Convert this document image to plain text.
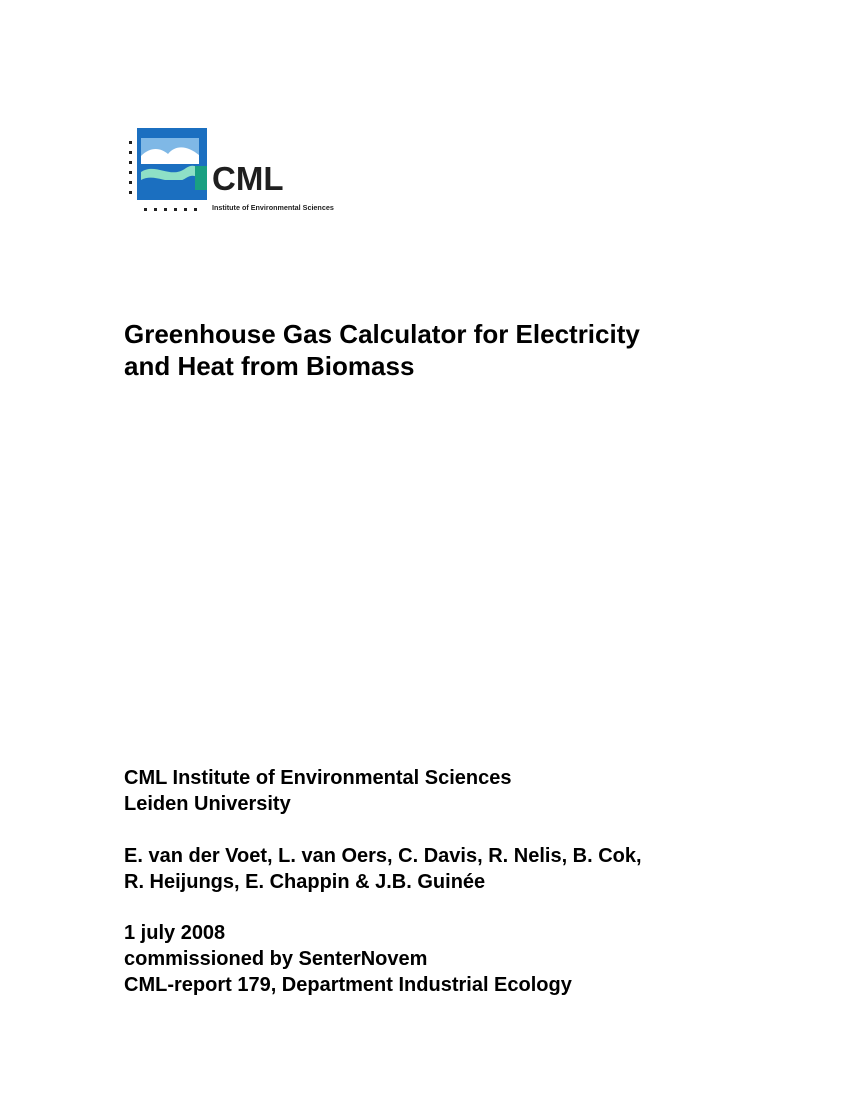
CML
Institute of Environmental Sciences
Greenhouse Gas Calculator for Electricity
and Heat from Biomass
CML Institute of Environmental Sciences
Leiden University
E. van der Voet, L. van Oers, C. Davis, R. Nelis, B. Cok,
R. Heijungs, E. Chappin & J.B. Guinée
1 july 2008
commissioned by SenterNovem
CML-report 179, Department Industrial Ecology
